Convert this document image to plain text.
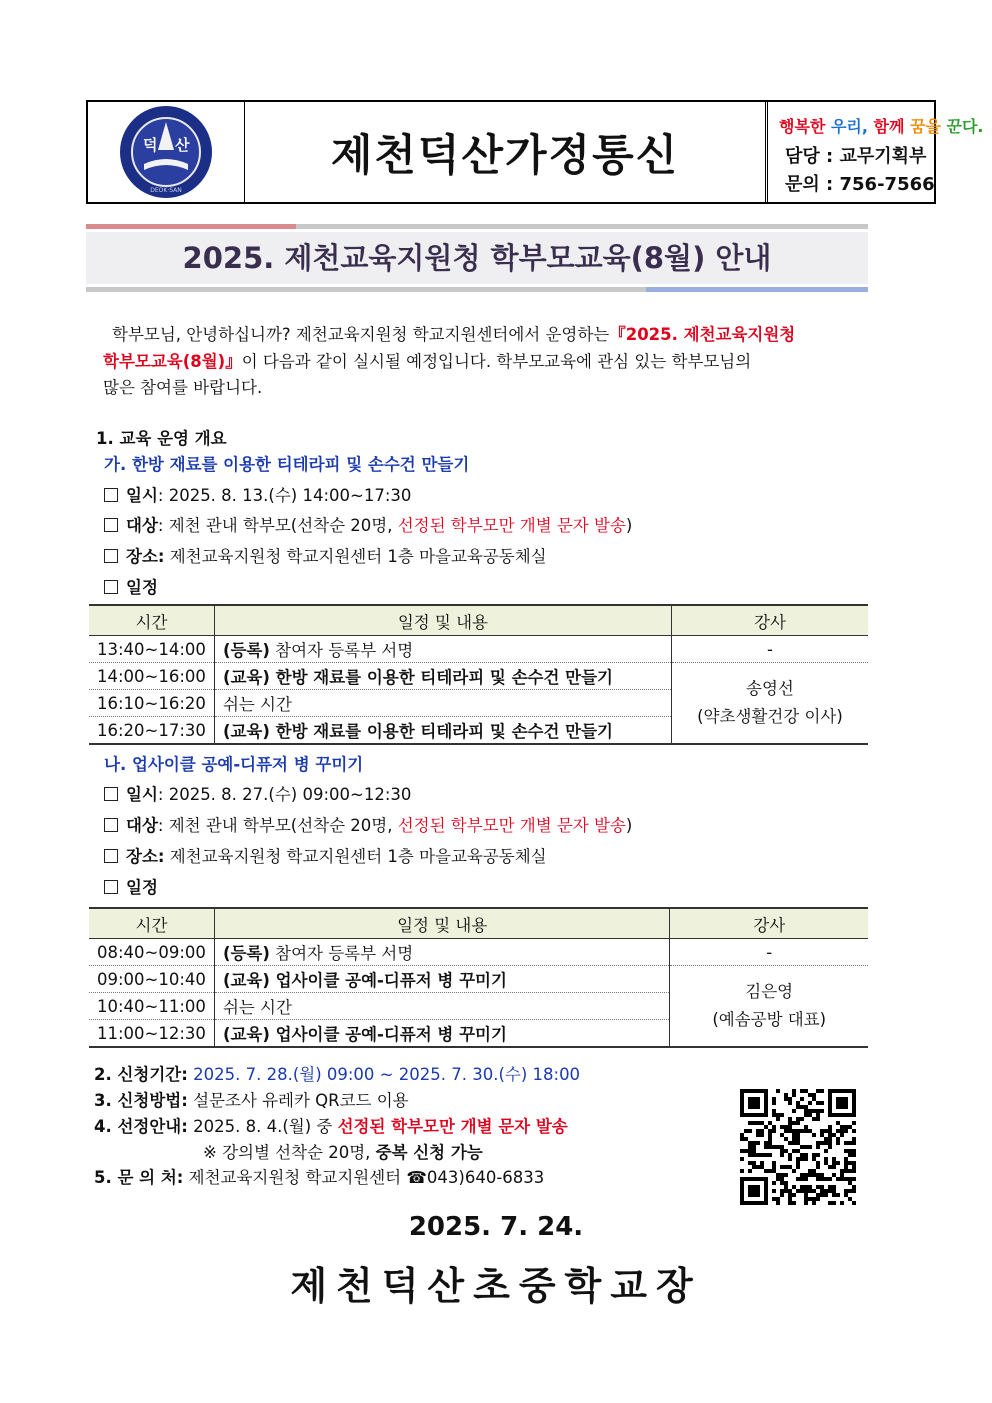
덕 산
DEOK·SAN
제천덕산가정통신
행복한 우리, 함께 꿈을 꾼다.
담당 : 교무기획부
문의 : 756-7566
2025. 제천교육지원청 학부모교육(8월) 안내
학부모님, 안녕하십니까? 제천교육지원청 학교지원센터에서 운영하는『2025. 제천교육지원청
학부모교육(8월)』이 다음과 같이 실시될 예정입니다. 학부모교육에 관심 있는 학부모님의
많은 참여를 바랍니다.
1. 교육 운영 개요
가. 한방 재료를 이용한 티테라피 및 손수건 만들기
일시: 2025. 8. 13.(수) 14:00~17:30
대상: 제천 관내 학부모(선착순 20명, 선정된 학부모만 개별 문자 발송)
장소: 제천교육지원청 학교지원센터 1층 마을교육공동체실
일정
시간	일정 및 내용	강사
13:40~14:00	(등록) 참여자 등록부 서명	-
14:00~16:00	(교육) 한방 재료를 이용한 티테라피 및 손수건 만들기	송영선
(약초생활건강 이사)

16:10~16:20	쉬는 시간	
16:20~17:30	(교육) 한방 재료를 이용한 티테라피 및 손수건 만들기	
나. 업사이클 공예-디퓨저 병 꾸미기
일시: 2025. 8. 27.(수) 09:00~12:30
대상: 제천 관내 학부모(선착순 20명, 선정된 학부모만 개별 문자 발송)
장소: 제천교육지원청 학교지원센터 1층 마을교육공동체실
일정
시간	일정 및 내용	강사
08:40~09:00	(등록) 참여자 등록부 서명	-
09:00~10:40	(교육) 업사이클 공예-디퓨저 병 꾸미기	김은영
(예솜공방 대표)

10:40~11:00	쉬는 시간	
11:00~12:30	(교육) 업사이클 공예-디퓨저 병 꾸미기	
2. 신청기간: 2025. 7. 28.(월) 09:00 ~ 2025. 7. 30.(수) 18:00
3. 신청방법: 설문조사 유레카 QR코드 이용
4. 선정안내: 2025. 8. 4.(월) 중 선정된 학부모만 개별 문자 발송
※ 강의별 선착순 20명, 중복 신청 가능
5. 문 의 처: 제천교육지원청 학교지원센터 ☎043)640-6833
2025. 7. 24.
제천덕산초중학교장
